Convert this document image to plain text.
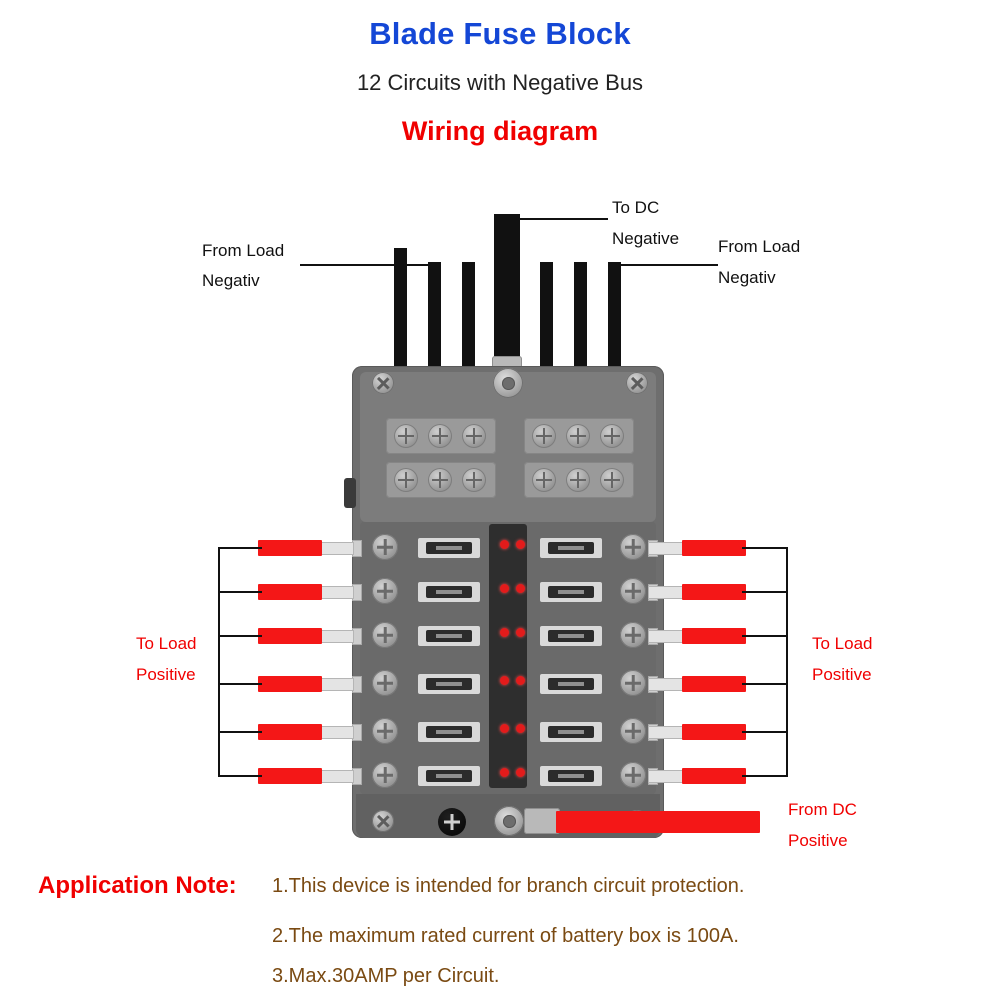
Blade Fuse Block
12 Circuits with Negative Bus
Wiring diagram
From Load
Negativ
To DC
Negative From Load
Negativ
To Load
Positive
To Load
Positive
From DC
Positive
Application Note: 1.This device is intended for branch circuit protection.
2.The maximum rated current of battery box is 100A.
3.Max.30AMP per Circuit.
